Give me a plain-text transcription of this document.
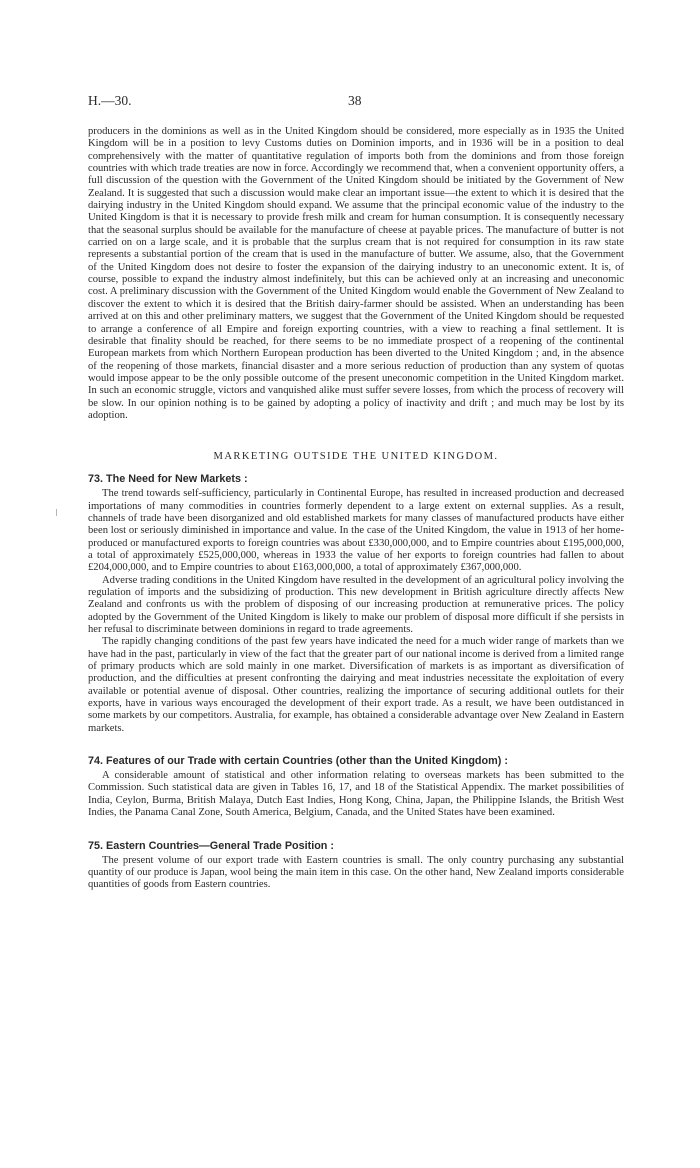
H.—30.	38

producers in the dominions as well as in the United Kingdom should be considered, more especially as in 1935 the United Kingdom will be in a position to levy Customs duties on Dominion imports, and in 1936 will be in a position to deal comprehensively with the matter of quantitative regulation of imports both from the dominions and from those foreign countries with which trade treaties are now in force. Accordingly we recommend that, when a convenient opportunity offers, a full discussion of the question with the Government of the United Kingdom should be initiated by the Government of New Zealand. It is suggested that such a discussion would make clear an important issue—the extent to which it is desired that the dairying industry in the United Kingdom should expand. We assume that the principal economic value of the industry to the United Kingdom is that it is necessary to provide fresh milk and cream for human consumption. It is consequently necessary that the seasonal surplus should be available for the manufacture of cheese at payable prices. The manufacture of butter is not carried on on a large scale, and it is probable that the surplus cream that is not required for consumption in its raw state represents a substantial portion of the cream that is used in the manufacture of butter. We assume, also, that the Government of the United Kingdom does not desire to foster the expansion of the dairying industry to an uneconomic extent. It is, of course, possible to expand the industry almost indefinitely, but this can be achieved only at an increasing and uneconomic cost. A preliminary discussion with the Government of the United Kingdom would enable the Government of New Zealand to discover the extent to which it is desired that the British dairy-farmer should be assisted. When an understanding has been arrived at on this and other preliminary matters, we suggest that the Government of the United Kingdom should be requested to arrange a conference of all Empire and foreign exporting countries, with a view to reaching a final settlement. It is desirable that finality should be reached, for there seems to be no immediate prospect of a reopening of the continental European markets from which Northern European production has been diverted to the United Kingdom ; and, in the absence of the reopening of those markets, financial disaster and a more serious reduction of production than any system of quotas would impose appear to be the only possible outcome of the present uneconomic competition in the United Kingdom market. In such an economic struggle, victors and vanquished alike must suffer severe losses, from which the process of recovery will be slow. In our opinion nothing is to be gained by adopting a policy of inactivity and drift ; and much may be lost by its adoption.

MARKETING OUTSIDE THE UNITED KINGDOM.
73. The Need for New Markets :

The trend towards self-sufficiency, particularly in Continental Europe, has resulted in increased production and decreased importations of many commodities in countries formerly dependent to a large extent on external supplies. As a result, channels of trade have been disorganized and old established markets for many classes of manufactured products have either been lost or seriously diminished in importance and value. In the case of the United Kingdom, the value in 1913 of her home-produced or manufactured exports to foreign countries was about £330,000,000, and to Empire countries about £195,000,000, a total of approximately £525,000,000, whereas in 1933 the value of her exports to foreign countries had fallen to about £204,000,000, and to Empire countries to about £163,000,000, a total of approximately £367,000,000.

Adverse trading conditions in the United Kingdom have resulted in the development of an agricultural policy involving the regulation of imports and the subsidizing of production. This new development in British agriculture directly affects New Zealand and confronts us with the problem of disposing of our increasing production at remunerative prices. The policy adopted by the Government of the United Kingdom is likely to make our problem of disposal more difficult if she persists in her refusal to discriminate between dominions in regard to trade agreements.

The rapidly changing conditions of the past few years have indicated the need for a much wider range of markets than we have had in the past, particularly in view of the fact that the greater part of our national income is derived from a limited range of primary products which are sold mainly in one market. Diversification of markets is as important as diversification of production, and the difficulties at present confronting the dairying and meat industries necessitate the exploitation of every available or potential avenue of disposal. Other countries, realizing the importance of securing additional outlets for their exports, have in various ways encouraged the development of their export trade. As a result, we have been outdistanced in some markets by our competitors. Australia, for example, has obtained a considerable advantage over New Zealand in Eastern markets.

74. Features of our Trade with certain Countries (other than the United Kingdom) :

A considerable amount of statistical and other information relating to overseas markets has been submitted to the Commission. Such statistical data are given in Tables 16, 17, and 18 of the Statistical Appendix. The market possibilities of India, Ceylon, Burma, British Malaya, Dutch East Indies, Hong Kong, China, Japan, the Philippine Islands, the British West Indies, the Panama Canal Zone, South America, Belgium, Canada, and the United States have been examined.

75. Eastern Countries—General Trade Position :

The present volume of our export trade with Eastern countries is small. The only country purchasing any substantial quantity of our produce is Japan, wool being the main item in this case. On the other hand, New Zealand imports considerable quantities of goods from Eastern countries.
